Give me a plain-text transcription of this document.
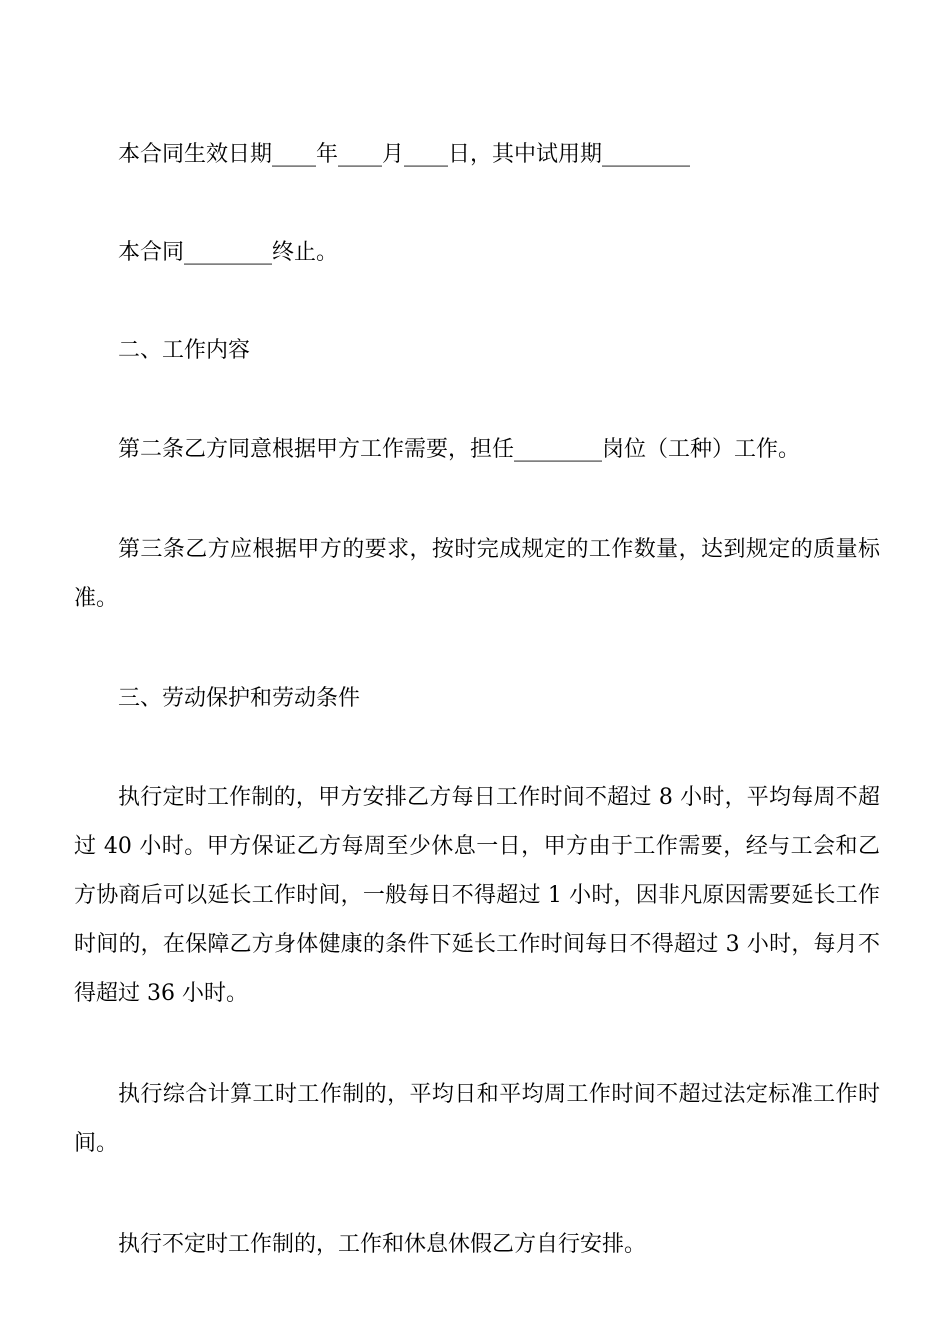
本合同生效日期____年____月____日，其中试用期________

本合同________终止。

二、工作内容

第二条乙方同意根据甲方工作需要，担任________岗位（工种）工作。

第三条乙方应根据甲方的要求，按时完成规定的工作数量，达到规定的质量标准。

三、劳动保护和劳动条件

执行定时工作制的，甲方安排乙方每日工作时间不超过 8 小时，平均每周不超过 40 小时。甲方保证乙方每周至少休息一日，甲方由于工作需要，经与工会和乙方协商后可以延长工作时间，一般每日不得超过 1 小时，因非凡原因需要延长工作时间的，在保障乙方身体健康的条件下延长工作时间每日不得超过 3 小时，每月不得超过 36 小时。

执行综合计算工时工作制的，平均日和平均周工作时间不超过法定标准工作时间。

执行不定时工作制的，工作和休息休假乙方自行安排。
